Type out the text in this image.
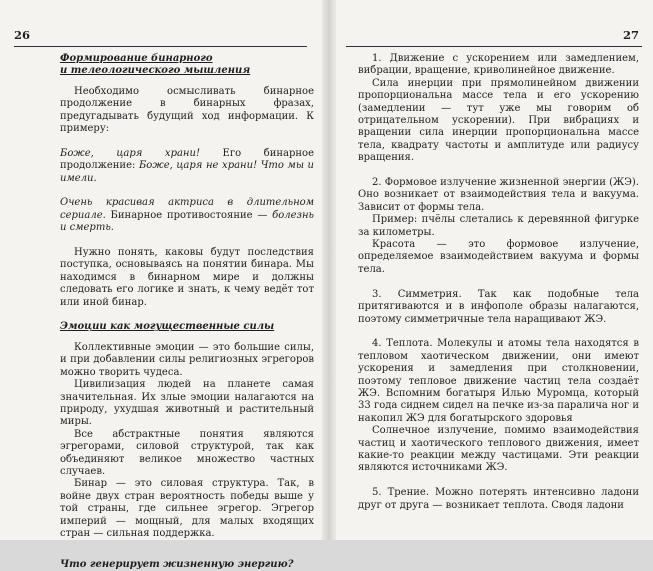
26
Формирование бинарного
и телеологического мышления

Необходимо осмысливать бинарное продолжение в бинарных фразах, предугадывать будущий ход информации. К примеру:

Боже, царя храни! Его бинарное продолжение: Боже, царя не храни! Что мы и имели.

Очень красивая актриса в длительном сериале. Бинарное противостояние — болезнь и смерть.

Нужно понять, каковы будут последствия поступка, основываясь на понятии бинара. Мы находимся в бинарном мире и должны следовать его логике и знать, к чему ведёт тот или иной бинар.

Эмоции как могущественные силы

Коллективные эмоции — это большие силы, и при добавлении силы религиозных эгрегоров можно творить чудеса.

Цивилизация людей на планете самая значительная. Их злые эмоции налагаются на природу, ухудшая животный и растительный миры.

Все абстрактные понятия являются эгрегорами, силовой структурой, так как объединяют великое множество частных случаев.

Бинар — это силовая структура. Так, в войне двух стран вероятность победы выше у той страны, где сильнее эгрегор. Эгрегор империй — мощный, для малых входящих стран — сильная поддержка.

Что генерирует жизненную энергию?
27

1. Движение с ускорением или замедлением, вибрации, вращение, криволинейное движение.

Сила инерции при прямолинейном движении пропорциональна массе тела и его ускорению (замедлении — тут уже мы говорим об отрицательном ускорении). При вибрациях и вращении сила инерции пропорциональна массе тела, квадрату частоты и амплитуде или радиусу вращения.

2. Формовое излучение жизненной энергии (ЖЭ). Оно возникает от взаимодействия тела и вакуума. Зависит от формы тела.

Пример: пчёлы слетались к деревянной фигурке за километры.

Красота — это формовое излучение, определяемое взаимодействием вакуума и формы тела.

3. Симметрия. Так как подобные тела притягиваются и в инфополе образы налагаются, поэтому симметричные тела наращивают ЖЭ.

4. Теплота. Молекулы и атомы тела находятся в тепловом хаотическом движении, они имеют ускорения и замедления при столкновении, поэтому тепловое движение частиц тела создаёт ЖЭ. Вспомним богатыря Илью Муромца, который 33 года сиднем сидел на печке из-за паралича ног и накопил ЖЭ для богатырского здоровья

Солнечное излучение, помимо взаимодействия частиц и хаотического теплового движения, имеет какие-то реакции между частицами. Эти реакции являются источниками ЖЭ.

5. Трение. Можно потерять интенсивно ладони друг от друга — возникает теплота. Сводя ладони
